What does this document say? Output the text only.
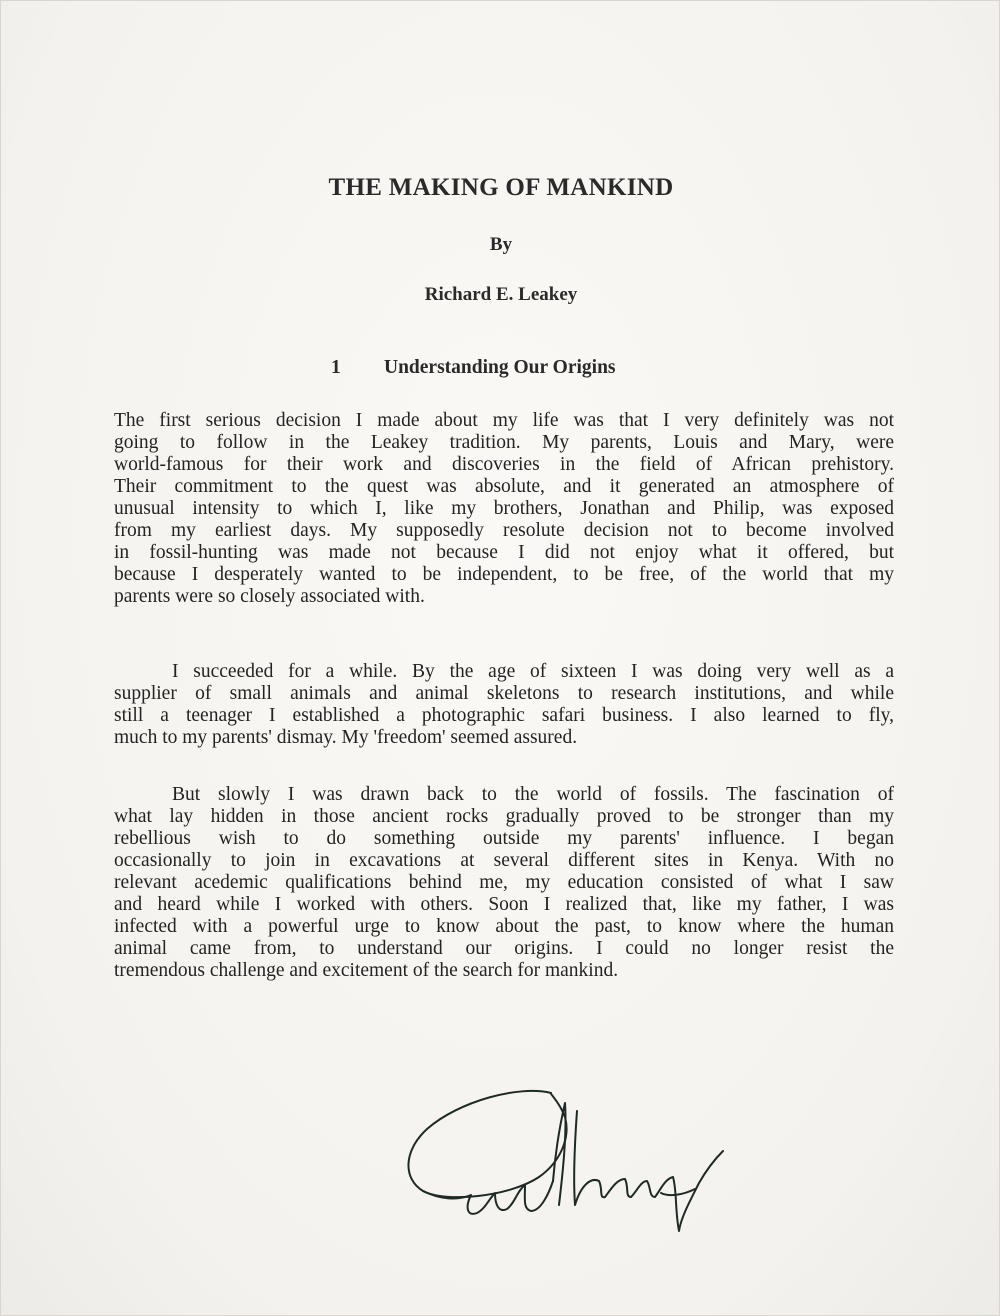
THE MAKING OF MANKIND
By
Richard E. Leakey
1 Understanding Our Origins

The first serious decision I made about my life was that I very definitely was not
going to follow in the Leakey tradition. My parents, Louis and Mary, were
world-famous for their work and discoveries in the field of African prehistory.
Their commitment to the quest was absolute, and it generated an atmosphere of
unusual intensity to which I, like my brothers, Jonathan and Philip, was exposed
from my earliest days. My supposedly resolute decision not to become involved
in fossil-hunting was made not because I did not enjoy what it offered, but
because I desperately wanted to be independent, to be free, of the world that my
parents were so closely associated with.

I succeeded for a while. By the age of sixteen I was doing very well as a
supplier of small animals and animal skeletons to research institutions, and while
still a teenager I established a photographic safari business. I also learned to fly,
much to my parents' dismay. My 'freedom' seemed assured.

But slowly I was drawn back to the world of fossils. The fascination of
what lay hidden in those ancient rocks gradually proved to be stronger than my
rebellious wish to do something outside my parents' influence. I began
occasionally to join in excavations at several different sites in Kenya. With no
relevant acedemic qualifications behind me, my education consisted of what I saw
and heard while I worked with others. Soon I realized that, like my father, I was
infected with a powerful urge to know about the past, to know where the human
animal came from, to understand our origins. I could no longer resist the
tremendous challenge and excitement of the search for mankind.
